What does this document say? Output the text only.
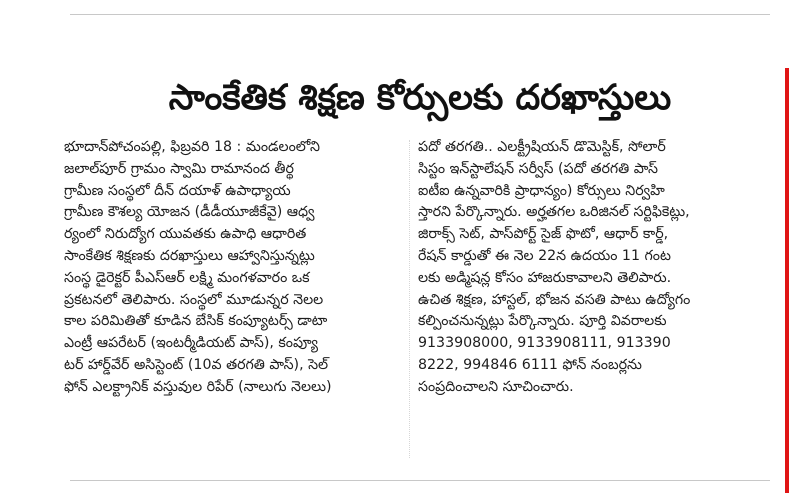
సాంకేతిక శిక్షణ కోర్సులకు దరఖాస్తులు
భూదాన్‌పోచంపల్లి, ఫిబ్రవరి 18 : మండలంలోని
జలాల్‌పూర్‌ గ్రామం స్వామి రామానంద తీర్థ
గ్రామీణ సంస్థలో దీన్‌ దయాళ్‌ ఉపాధ్యాయ
గ్రామీణ కౌశల్య యోజన (డీడీయూజీకేవై) ఆధ్వ
ర్యంలో నిరుద్యోగ యువతకు ఉపాధి ఆధారిత
సాంకేతిక శిక్షణకు దరఖాస్తులు ఆహ్వానిస్తున్నట్లు
సంస్థ డైరెక్టర్‌ పీఎస్‌ఆర్‌ లక్ష్మి మంగళవారం ఒక
ప్రకటనలో తెలిపారు. సంస్థలో మూడున్నర నెలల
కాల పరిమితితో కూడిన బేసిక్‌ కంప్యూటర్స్‌ డాటా
ఎంట్రీ ఆపరేటర్‌ (ఇంటర్మీడియట్‌ పాస్‌), కంప్యూ
టర్‌ హార్డ్‌వేర్‌ అసిస్టెంట్‌ (10వ తరగతి పాస్‌), సెల్‌
ఫోన్‌ ఎలక్ట్రానిక్‌ వస్తువుల రిపేర్‌ (నాలుగు నెలలు)
పదో తరగతి.. ఎలక్ట్రీషియన్‌ డొమెస్టిక్‌, సోలార్‌
సిస్టం ఇన్‌స్టాలేషన్‌ సర్వీస్‌ (పదో తరగతి పాస్‌
ఐటీఐ ఉన్నవారికి ప్రాధాన్యం) కోర్సులు నిర్వహి
స్తారని పేర్కొన్నారు. అర్హతగల ఒరిజినల్‌ సర్టిఫికెట్లు,
జిరాక్స్‌ సెట్‌, పాస్‌పోర్ట్‌ సైజ్‌ ఫొటో, ఆధార్‌ కార్డ్‌,
రేషన్‌ కార్డుతో ఈ నెల 22న ఉదయం 11 గంట
లకు అడ్మిషన్ల కోసం హాజరుకావాలని తెలిపారు.
ఉచిత శిక్షణ, హాస్టల్‌, భోజన వసతి పాటు ఉద్యోగం
కల్పించనున్నట్లు పేర్కొన్నారు. పూర్తి వివరాలకు
9133908000, 9133908111, 913390
8222, 994846 6111 ఫోన్‌ నంబర్లను
సంప్రదించాలని సూచించారు.
